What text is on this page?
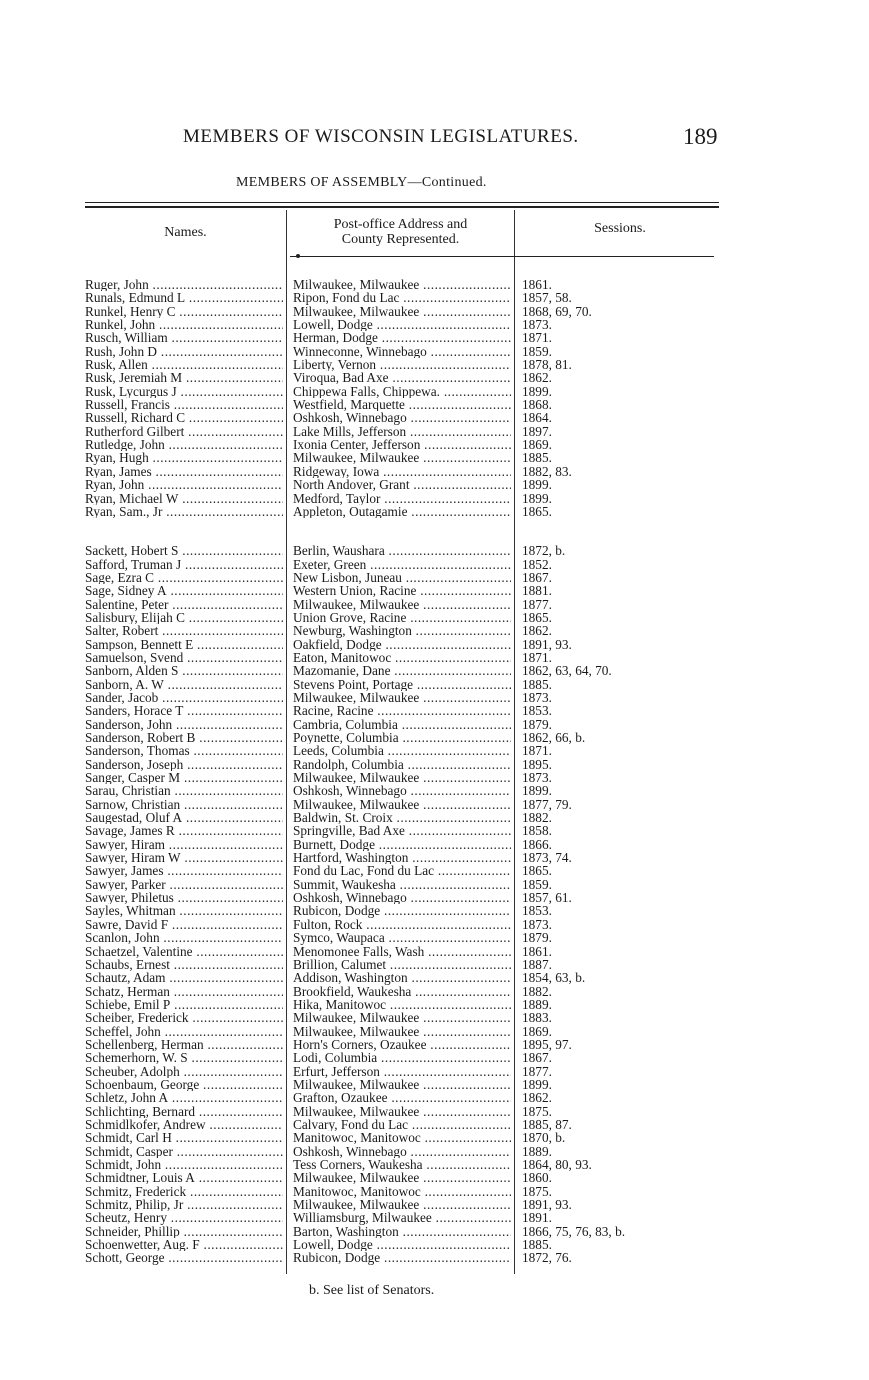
MEMBERS OF WISCONSIN LEGISLATURES.	189
MEMBERS OF ASSEMBLY—Continued.
Names.
Post-office Address and
County Represented.
Sessions.
Ruger, John .....	Milwaukee, Milwaukee .....	1861.
Runals, Edmund L .....	Ripon, Fond du Lac .....	1857, 58.
Runkel, Henry C .....	Milwaukee, Milwaukee .....	1868, 69, 70.
Runkel, John .....	Lowell, Dodge .....	1873.
Rusch, William .....	Herman, Dodge .....	1871.
Rush, John D .....	Winneconne, Winnebago .....	1859.
Rusk, Allen .....	Liberty, Vernon .....	1878, 81.
Rusk, Jeremiah M .....	Viroqua, Bad Axe .....	1862.
Rusk, Lycurgus J .....	Chippewa Falls, Chippewa. .....	1899.
Russell, Francis .....	Westfield, Marquette .....	1868.
Russell, Richard C .....	Oshkosh, Winnebago .....	1864.
Rutherford Gilbert .....	Lake Mills, Jefferson .....	1897.
Rutledge, John .....	Ixonia Center, Jefferson .....	1869.
Ryan, Hugh .....	Milwaukee, Milwaukee .....	1885.
Ryan, James .....	Ridgeway, Iowa .....	1882, 83.
Ryan, John .....	North Andover, Grant .....	1899.
Ryan, Michael W .....	Medford, Taylor .....	1899.
Ryan, Sam., Jr .....	Appleton, Outagamie .....	1865.
Sackett, Hobert S .....	Berlin, Waushara .....	1872, b.
Safford, Truman J .....	Exeter, Green .....	1852.
Sage, Ezra C .....	New Lisbon, Juneau .....	1867.
Sage, Sidney A .....	Western Union, Racine .....	1881.
Salentine, Peter .....	Milwaukee, Milwaukee .....	1877.
Salisbury, Elijah C .....	Union Grove, Racine .....	1865.
Salter, Robert .....	Newburg, Washington .....	1862.
Sampson, Bennett E .....	Oakfield, Dodge .....	1891, 93.
Samuelson, Svend .....	Eaton, Manitowoc .....	1871.
Sanborn, Alden S .....	Mazomanie, Dane .....	1862, 63, 64, 70.
Sanborn, A. W .....	Stevens Point, Portage .....	1885.
Sander, Jacob .....	Milwaukee, Milwaukee .....	1873.
Sanders, Horace T .....	Racine, Racine .....	1853.
Sanderson, John .....	Cambria, Columbia .....	1879.
Sanderson, Robert B .....	Poynette, Columbia .....	1862, 66, b.
Sanderson, Thomas .....	Leeds, Columbia .....	1871.
Sanderson, Joseph .....	Randolph, Columbia .....	1895.
Sanger, Casper M .....	Milwaukee, Milwaukee .....	1873.
Sarau, Christian .....	Oshkosh, Winnebago .....	1899.
Sarnow, Christian .....	Milwaukee, Milwaukee .....	1877, 79.
Saugestad, Oluf A .....	Baldwin, St. Croix .....	1882.
Savage, James R .....	Springville, Bad Axe .....	1858.
Sawyer, Hiram .....	Burnett, Dodge .....	1866.
Sawyer, Hiram W .....	Hartford, Washington .....	1873, 74.
Sawyer, James .....	Fond du Lac, Fond du Lac .....	1865.
Sawyer, Parker .....	Summit, Waukesha .....	1859.
Sawyer, Philetus .....	Oshkosh, Winnebago .....	1857, 61.
Sayles, Whitman .....	Rubicon, Dodge .....	1853.
Sawre, David F .....	Fulton, Rock .....	1873.
Scanlon, John .....	Symco, Waupaca .....	1879.
Schaetzel, Valentine .....	Menomonee Falls, Wash .....	1861.
Schaubs, Ernest .....	Brillion, Calumet .....	1887.
Schautz, Adam .....	Addison, Washington .....	1854, 63, b.
Schatz, Herman .....	Brookfield, Waukesha .....	1882.
Schiebe, Emil P .....	Hika, Manitowoc .....	1889.
Scheiber, Frederick .....	Milwaukee, Milwaukee .....	1883.
Scheffel, John .....	Milwaukee, Milwaukee .....	1869.
Schellenberg, Herman .....	Horn's Corners, Ozaukee .....	1895, 97.
Schemerhorn, W. S .....	Lodi, Columbia .....	1867.
Scheuber, Adolph .....	Erfurt, Jefferson .....	1877.
Schoenbaum, George .....	Milwaukee, Milwaukee .....	1899.
Schletz, John A .....	Grafton, Ozaukee .....	1862.
Schlichting, Bernard .....	Milwaukee, Milwaukee .....	1875.
Schmidlkofer, Andrew .....	Calvary, Fond du Lac .....	1885, 87.
Schmidt, Carl H .....	Manitowoc, Manitowoc .....	1870, b.
Schmidt, Casper .....	Oshkosh, Winnebago .....	1889.
Schmidt, John .....	Tess Corners, Waukesha .....	1864, 80, 93.
Schmidtner, Louis A .....	Milwaukee, Milwaukee .....	1860.
Schmitz, Frederick .....	Manitowoc, Manitowoc .....	1875.
Schmitz, Philip, Jr .....	Milwaukee, Milwaukee .....	1891, 93.
Scheutz, Henry .....	Williamsburg, Milwaukee .....	1891.
Schneider, Phillip .....	Barton, Washington .....	1866, 75, 76, 83, b.
Schoenwetter, Aug. F .....	Lowell, Dodge .....	1885.
Schott, George .....	Rubicon, Dodge .....	1872, 76.
b. See list of Senators.
